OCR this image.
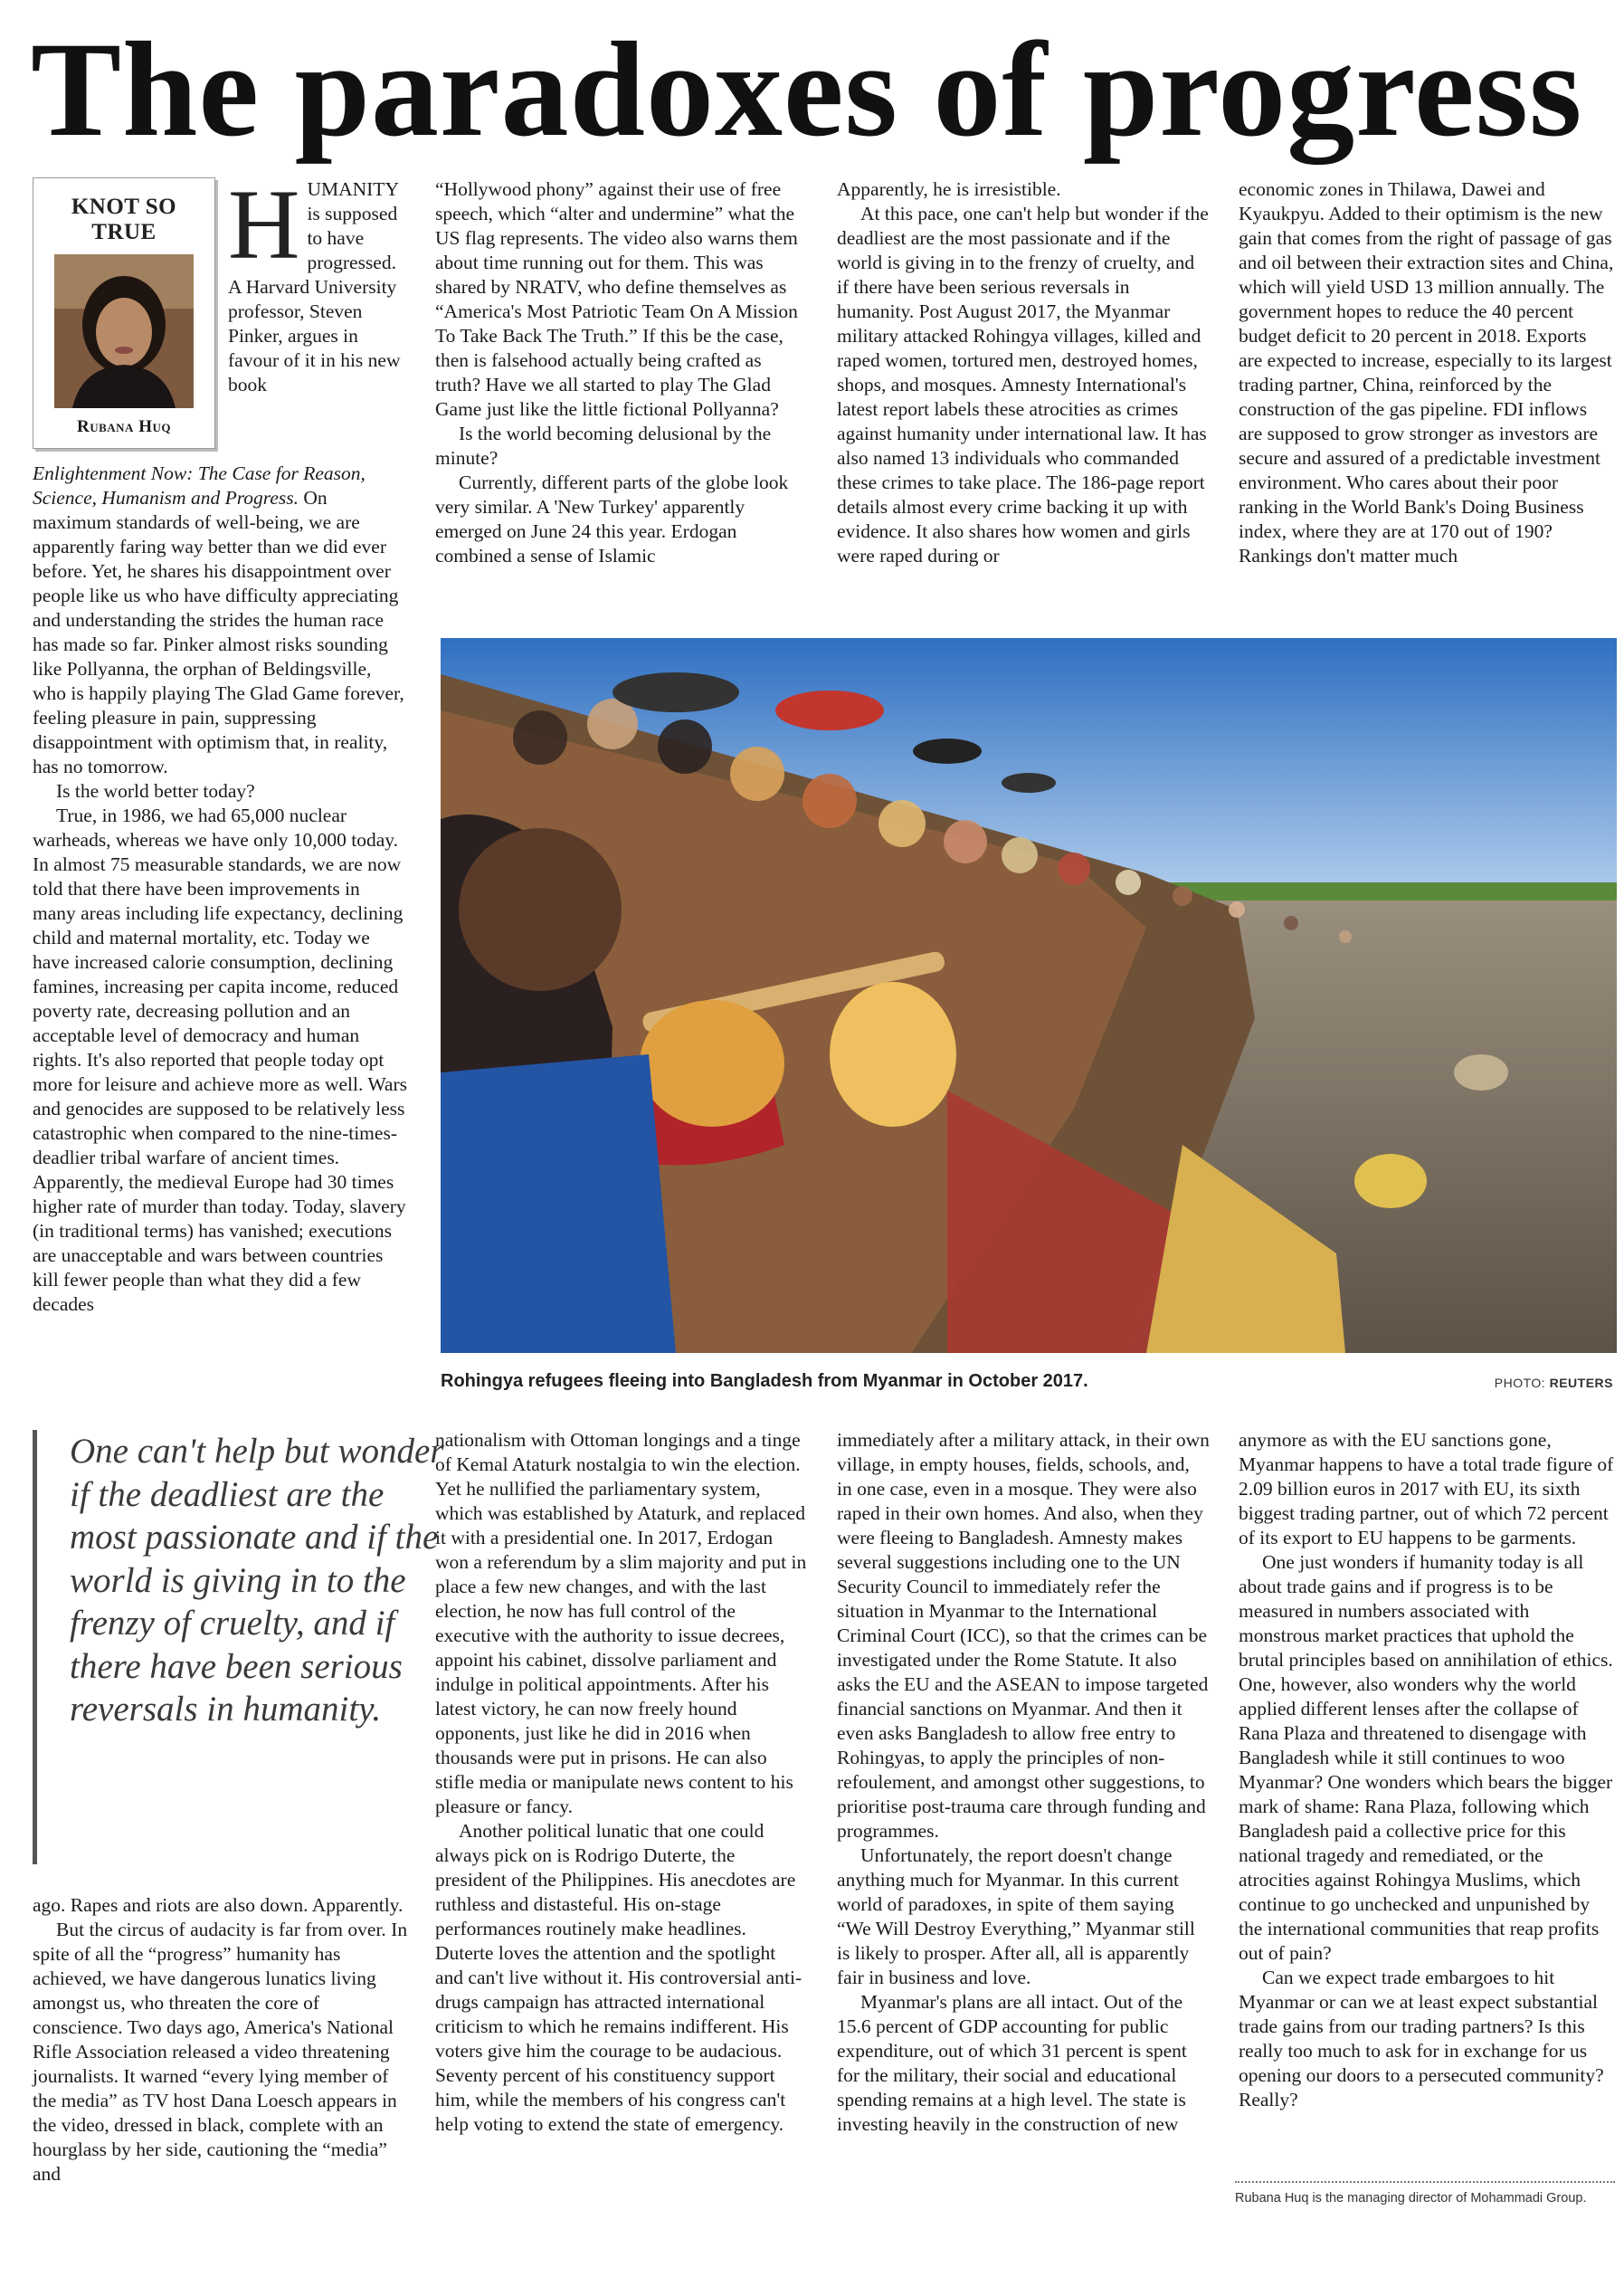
The paradoxes of progress
KNOT SO
TRUE
Rubana Huq

HUMANITY is supposed to have progressed. A Harvard University professor, Steven Pinker, argues in favour of it in his new book

Enlightenment Now: The Case for Reason, Science, Humanism and Progress. On maximum standards of well-being, we are apparently faring way better than we did ever before. Yet, he shares his disappointment over people like us who have difficulty appreciating and understanding the strides the human race has made so far. Pinker almost risks sounding like Pollyanna, the orphan of Beldingsville, who is happily playing The Glad Game forever, feeling pleasure in pain, suppressing disappointment with optimism that, in reality, has no tomorrow.

Is the world better today?

True, in 1986, we had 65,000 nuclear warheads, whereas we have only 10,000 today. In almost 75 measurable standards, we are now told that there have been improvements in many areas including life expectancy, declining child and maternal mortality, etc. Today we have increased calorie consumption, declining famines, increasing per capita income, reduced poverty rate, decreasing pollution and an acceptable level of democracy and human rights. It's also reported that people today opt more for leisure and achieve more as well. Wars and genocides are supposed to be relatively less catastrophic when compared to the nine-times-deadlier tribal warfare of ancient times. Apparently, the medieval Europe had 30 times higher rate of murder than today. Today, slavery (in traditional terms) has vanished; executions are unacceptable and wars between countries kill fewer people than what they did a few decades

“Hollywood phony” against their use of free speech, which “alter and undermine” what the US flag represents. The video also warns them about time running out for them. This was shared by NRATV, who define themselves as “America's Most Patriotic Team On A Mission To Take Back The Truth.” If this be the case, then is falsehood actually being crafted as truth? Have we all started to play The Glad Game just like the little fictional Pollyanna?

Is the world becoming delusional by the minute?

Currently, different parts of the globe look very similar. A 'New Turkey' apparently emerged on June 24 this year. Erdogan combined a sense of Islamic

Apparently, he is irresistible.

At this pace, one can't help but wonder if the deadliest are the most passionate and if the world is giving in to the frenzy of cruelty, and if there have been serious reversals in humanity. Post August 2017, the Myanmar military attacked Rohingya villages, killed and raped women, tortured men, destroyed homes, shops, and mosques. Amnesty International's latest report labels these atrocities as crimes against humanity under international law. It has also named 13 individuals who commanded these crimes to take place. The 186-page report details almost every crime backing it up with evidence. It also shares how women and girls were raped during or

economic zones in Thilawa, Dawei and Kyaukpyu. Added to their optimism is the new gain that comes from the right of passage of gas and oil between their extraction sites and China, which will yield USD 13 million annually. The government hopes to reduce the 40 percent budget deficit to 20 percent in 2018. Exports are expected to increase, especially to its largest trading partner, China, reinforced by the construction of the gas pipeline. FDI inflows are supposed to grow stronger as investors are secure and assured of a predictable investment environment. Who cares about their poor ranking in the World Bank's Doing Business index, where they are at 170 out of 190? Rankings don't matter much

Rohingya refugees fleeing into Bangladesh from Myanmar in October 2017.	PHOTO: REUTERS
One can't help but wonder if the deadliest are the most passionate and if the world is giving in to the frenzy of cruelty, and if there have been serious reversals in humanity.

ago. Rapes and riots are also down. Apparently.

But the circus of audacity is far from over. In spite of all the “progress” humanity has achieved, we have dangerous lunatics living amongst us, who threaten the core of conscience. Two days ago, America's National Rifle Association released a video threatening journalists. It warned “every lying member of the media” as TV host Dana Loesch appears in the video, dressed in black, complete with an hourglass by her side, cautioning the “media” and

nationalism with Ottoman longings and a tinge of Kemal Ataturk nostalgia to win the election. Yet he nullified the parliamentary system, which was established by Ataturk, and replaced it with a presidential one. In 2017, Erdogan won a referendum by a slim majority and put in place a few new changes, and with the last election, he now has full control of the executive with the authority to issue decrees, appoint his cabinet, dissolve parliament and indulge in political appointments. After his latest victory, he can now freely hound opponents, just like he did in 2016 when thousands were put in prisons. He can also stifle media or manipulate news content to his pleasure or fancy.

Another political lunatic that one could always pick on is Rodrigo Duterte, the president of the Philippines. His anecdotes are ruthless and distasteful. His on-stage performances routinely make headlines. Duterte loves the attention and the spotlight and can't live without it. His controversial anti-drugs campaign has attracted international criticism to which he remains indifferent. His voters give him the courage to be audacious. Seventy percent of his constituency support him, while the members of his congress can't help voting to extend the state of emergency.

immediately after a military attack, in their own village, in empty houses, fields, schools, and, in one case, even in a mosque. They were also raped in their own homes. And also, when they were fleeing to Bangladesh. Amnesty makes several suggestions including one to the UN Security Council to immediately refer the situation in Myanmar to the International Criminal Court (ICC), so that the crimes can be investigated under the Rome Statute. It also asks the EU and the ASEAN to impose targeted financial sanctions on Myanmar. And then it even asks Bangladesh to allow free entry to Rohingyas, to apply the principles of non-refoulement, and amongst other suggestions, to prioritise post-trauma care through funding and programmes.

Unfortunately, the report doesn't change anything much for Myanmar. In this current world of paradoxes, in spite of them saying “We Will Destroy Everything,” Myanmar still is likely to prosper. After all, all is apparently fair in business and love.

Myanmar's plans are all intact. Out of the 15.6 percent of GDP accounting for public expenditure, out of which 31 percent is spent for the military, their social and educational spending remains at a high level. The state is investing heavily in the construction of new

anymore as with the EU sanctions gone, Myanmar happens to have a total trade figure of 2.09 billion euros in 2017 with EU, its sixth biggest trading partner, out of which 72 percent of its export to EU happens to be garments.

One just wonders if humanity today is all about trade gains and if progress is to be measured in numbers associated with monstrous market practices that uphold the brutal principles based on annihilation of ethics. One, however, also wonders why the world applied different lenses after the collapse of Rana Plaza and threatened to disengage with Bangladesh while it still continues to woo Myanmar? One wonders which bears the bigger mark of shame: Rana Plaza, following which Bangladesh paid a collective price for this national tragedy and remediated, or the atrocities against Rohingya Muslims, which continue to go unchecked and unpunished by the international communities that reap profits out of pain?

Can we expect trade embargoes to hit Myanmar or can we at least expect substantial trade gains from our trading partners? Is this really too much to ask for in exchange for us opening our doors to a persecuted community? Really?

Rubana Huq is the managing director of Mohammadi Group.
